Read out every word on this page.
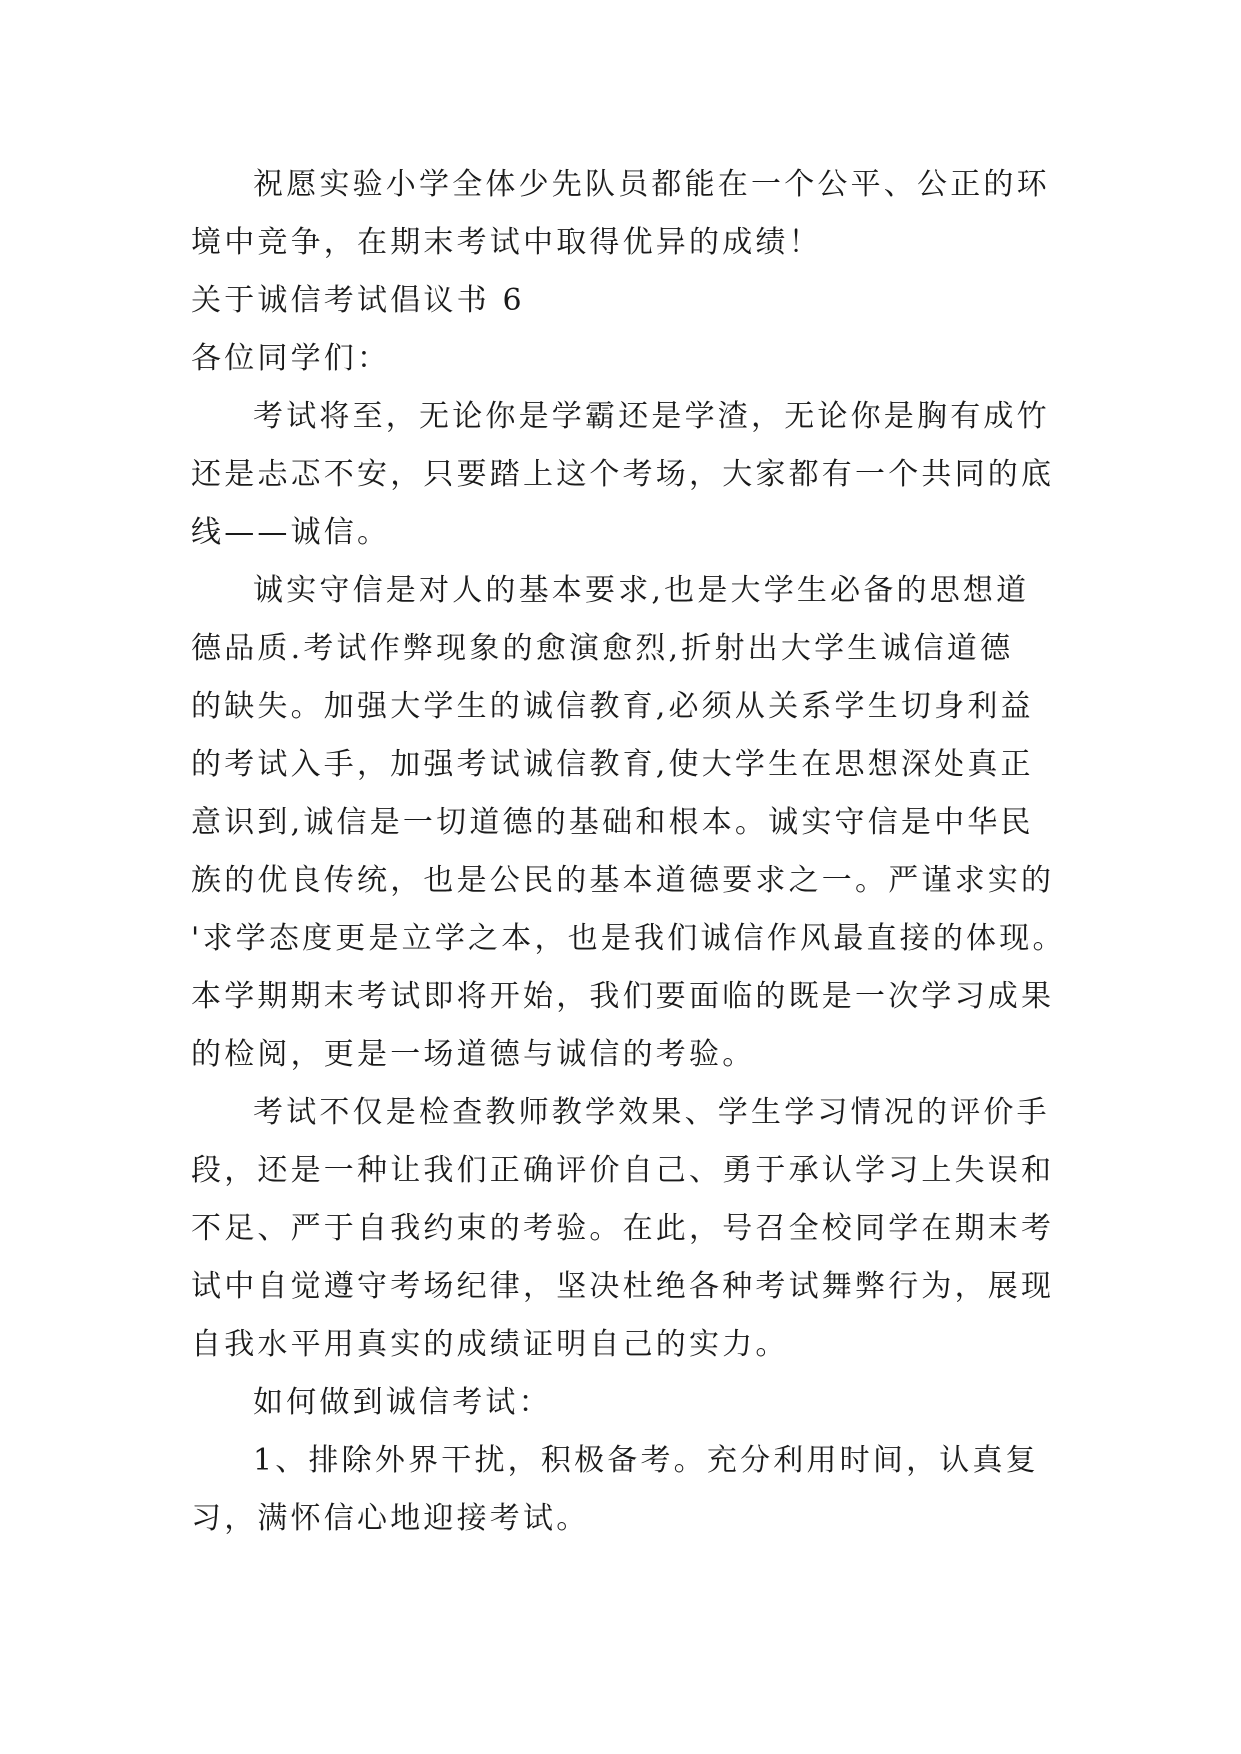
祝愿实验小学全体少先队员都能在一个公平、公正的环
境中竞争，在期末考试中取得优异的成绩！
关于诚信考试倡议书 6
各位同学们：
考试将至，无论你是学霸还是学渣，无论你是胸有成竹
还是忐忑不安，只要踏上这个考场，大家都有一个共同的底
线——诚信。
诚实守信是对人的基本要求,也是大学生必备的思想道
德品质.考试作弊现象的愈演愈烈,折射出大学生诚信道德
的缺失。加强大学生的诚信教育,必须从关系学生切身利益
的考试入手，加强考试诚信教育,使大学生在思想深处真正
意识到,诚信是一切道德的基础和根本。诚实守信是中华民
族的优良传统，也是公民的基本道德要求之一。严谨求实的
'求学态度更是立学之本，也是我们诚信作风最直接的体现。
本学期期末考试即将开始，我们要面临的既是一次学习成果
的检阅，更是一场道德与诚信的考验。
考试不仅是检查教师教学效果、学生学习情况的评价手
段，还是一种让我们正确评价自己、勇于承认学习上失误和
不足、严于自我约束的考验。在此，号召全校同学在期末考
试中自觉遵守考场纪律，坚决杜绝各种考试舞弊行为，展现
自我水平用真实的成绩证明自己的实力。
如何做到诚信考试：
1、排除外界干扰，积极备考。充分利用时间，认真复
习，满怀信心地迎接考试。
